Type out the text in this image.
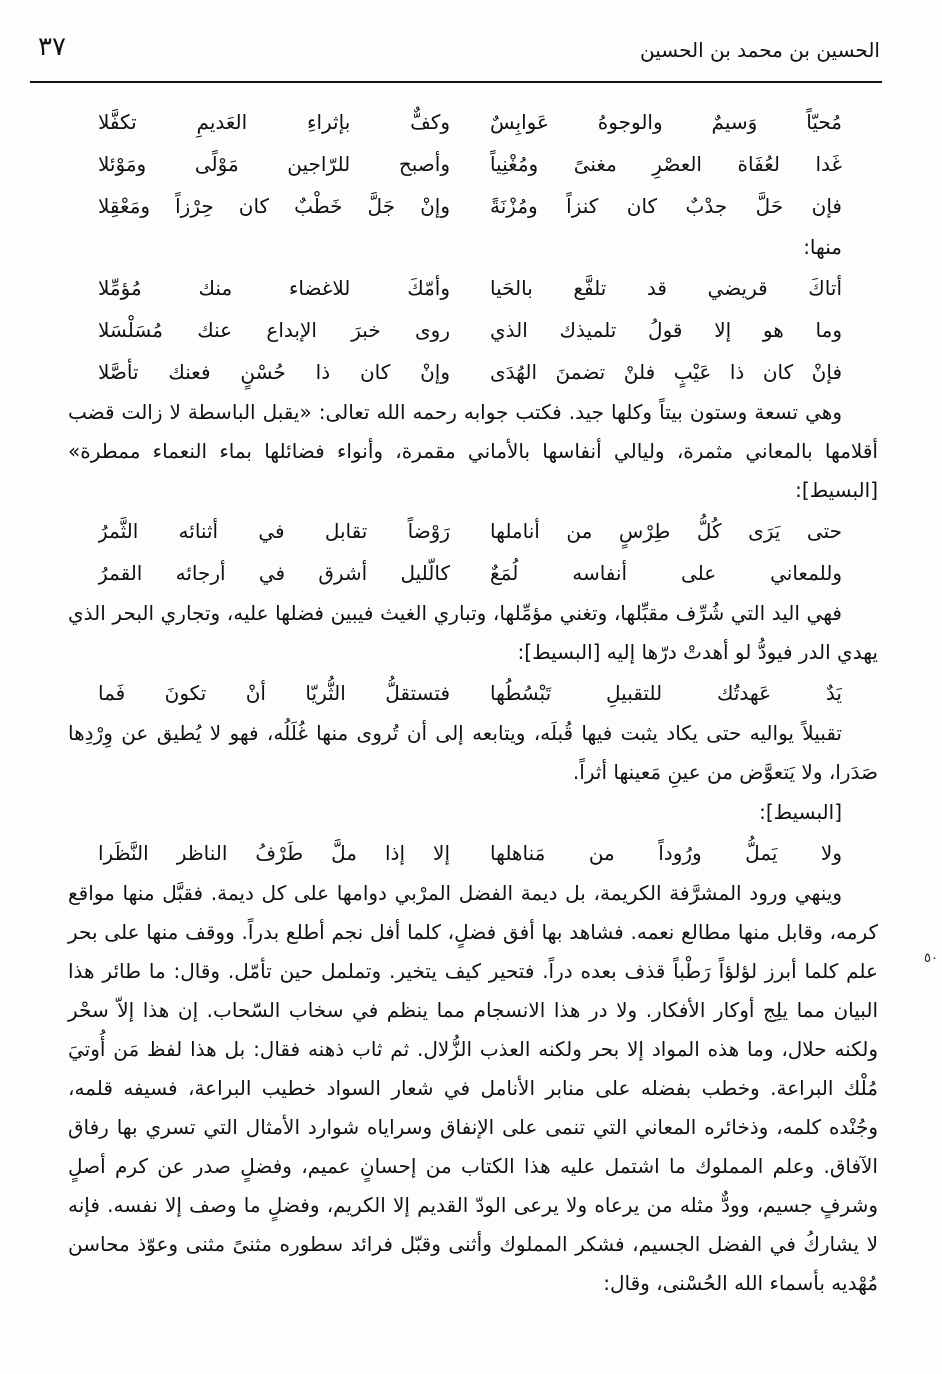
الحسين بن محمد بن الحسين
٣٧
٥٠
مُحيّاً وَسيمٌ والوجوهُ عَوابِسٌ
وكفٌّ بإثراءِ العَديمِ تكفَّلا
غَدا لعُفَاة العصْرِ مغنىً ومُغْنِياً
وأصبح للرّاجين مَوْلًى ومَوْئلا
فإن حَلَّ جدْبٌ كان كنزاً ومُزْنَةً
وإنْ جَلَّ خَطْبٌ كان حِرْزاً ومَعْقِلا
منها:
أتاكَ قريضي قد تلفَّع بالحَيا
وأمّكَ للاغضاء منك مُؤمِّلا
وما هو إلا قولُ تلميذك الذي
روى خبرَ الإبداع عنك مُسَلْسَلا
فإنْ كان ذا عَيْبٍ فلنْ تضمنَ الهُدَى
وإنْ كان ذا حُسْنٍ فعنك تأصَّلا

وهي تسعة وستون بيتاً وكلها جيد. فكتب جوابه رحمه الله تعالى: «يقبل الباسطة لا زالت قضب أقلامها بالمعاني مثمرة، وليالي أنفاسها بالأماني مقمرة، وأنواء فضائلها بماء النعماء ممطرة» [البسيط]:

حتى يَرَى كُلُّ طِرْسٍ من أناملها
رَوْضاً تقابل في أثنائه الثَّمرُ
وللمعاني على أنفاسه لُمَعٌ
كالّليل أشرق في أرجائه القمرُ

فهي اليد التي شُرِّف مقبِّلها، وتغني مؤمِّلها، وتباري الغيث فيبين فضلها عليه، وتجاري البحر الذي يهدي الدر فيودُّ لو أهدتْ درّها إليه [البسيط]:

يَدٌ عَهدتُك للتقبيلِ تَبْسُطُها
فتستقلُّ الثُّريّا أنْ تكونَ فَما

تقبيلاً يواليه حتى يكاد يثبت فيها قُبلَه، ويتابعه إلى أن تُروى منها غُلَلُه، فهو لا يُطيق عن وِرْدِها صَدَرا، ولا يَتعوَّض من عينِ مَعينها أثراً.

[البسيط]:
ولا يَملُّ ورُوداً من مَناهلها
إلا إذا ملَّ طَرْفُ الناظر النَّظَرا

وينهي ورود المشرَّفة الكريمة، بل ديمة الفضل المرْبي دوامها على كل ديمة. فقبَّل منها مواقع كرمه، وقابل منها مطالع نعمه. فشاهد بها أفق فضلٍ، كلما أفل نجم أطلع بدراً. ووقف منها على بحر علم كلما أبرز لؤلؤاً رَطْباً قذف بعده دراً. فتحير كيف يتخير. وتململ حين تأمّل. وقال: ما طائر هذا البيان مما يلِج أوكار الأفكار. ولا در هذا الانسجام مما ينظم في سخاب السّحاب. إن هذا إلاّ سحْر ولكنه حلال، وما هذه المواد إلا بحر ولكنه العذب الزُّلال. ثم ثاب ذهنه فقال: بل هذا لفظ مَن أُوتيَ مُلْك البراعة. وخطب بفضله على منابر الأنامل في شعار السواد خطيب البراعة، فسيفه قلمه، وجُنْده كلمه، وذخائره المعاني التي تنمى على الإنفاق وسراياه شوارد الأمثال التي تسري بها رفاق الآفاق. وعلم المملوك ما اشتمل عليه هذا الكتاب من إحسانٍ عميم، وفضلٍ صدر عن كرم أصلٍ وشرفٍ جسيم، وودٌّ مثله من يرعاه ولا يرعى الودّ القديم إلا الكريم، وفضلٍ ما وصف إلا نفسه. فإنه لا يشاركُ في الفضل الجسيم، فشكر المملوك وأثنى وقبّل فرائد سطوره مثنىً مثنى وعوّذ محاسن مُهْديه بأسماء الله الحُسْنى، وقال:
